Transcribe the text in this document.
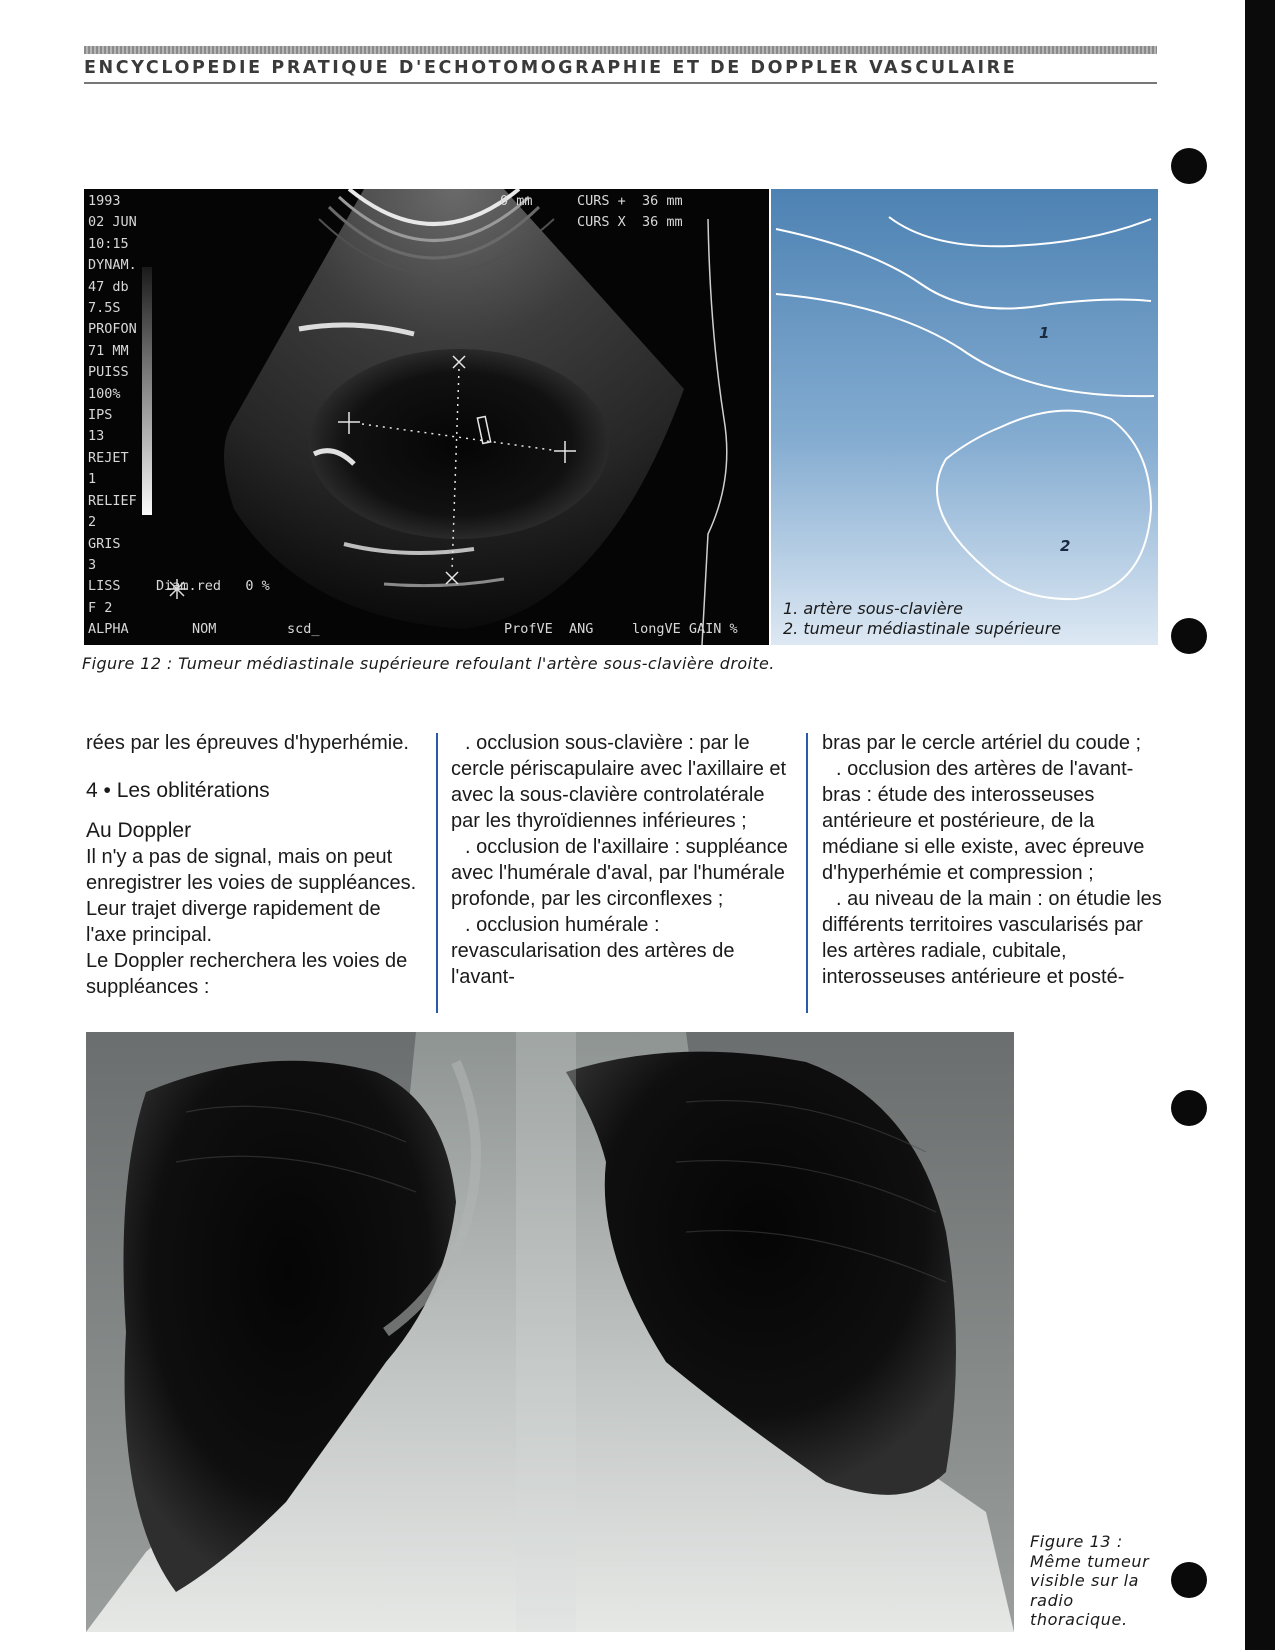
ENCYCLOPEDIE PRATIQUE D'ECHOTOMOGRAPHIE ET DE DOPPLER VASCULAIRE
1993
02 JUN
10:15
DYNAM.
47 db
7.5S
PROFON
71 MM
PUISS
100%
IPS
13
REJET
1
RELIEF
2
GRIS
3
LISS
F 2
ALPHA
0 mm	CURS +  36 mm
CURS X  36 mm
Diam.red   0 %
NOM	scd_	ProfVE  ANG	longVE GAIN %
1
2
1. artère sous-clavière
2. tumeur médiastinale supérieure
Figure 12 : Tumeur médiastinale supérieure refoulant l'artère sous-clavière droite.

rées par les épreuves d'hyperhémie.

4 • Les oblitérations

Au Doppler

Il n'y a pas de signal, mais on peut enregistrer les voies de suppléances. Leur trajet diverge rapidement de l'axe principal.

Le Doppler recherchera les voies de suppléances :

. occlusion sous-clavière : par le cercle périscapulaire avec l'axillaire et avec la sous-clavière controlatérale par les thyroïdiennes inférieures ;

. occlusion de l'axillaire : suppléance avec l'humérale d'aval, par l'humérale profonde, par les circonflexes ;

. occlusion humérale : revascularisation des artères de l'avant-

bras par le cercle artériel du coude ;

. occlusion des artères de l'avant-bras : étude des interosseuses antérieure et postérieure, de la médiane si elle existe, avec épreuve d'hyperhémie et compression ;

. au niveau de la main : on étudie les différents territoires vascularisés par les artères radiale, cubitale, interosseuses antérieure et posté-

Figure 13 : Même tumeur visible sur la radio thoracique.
